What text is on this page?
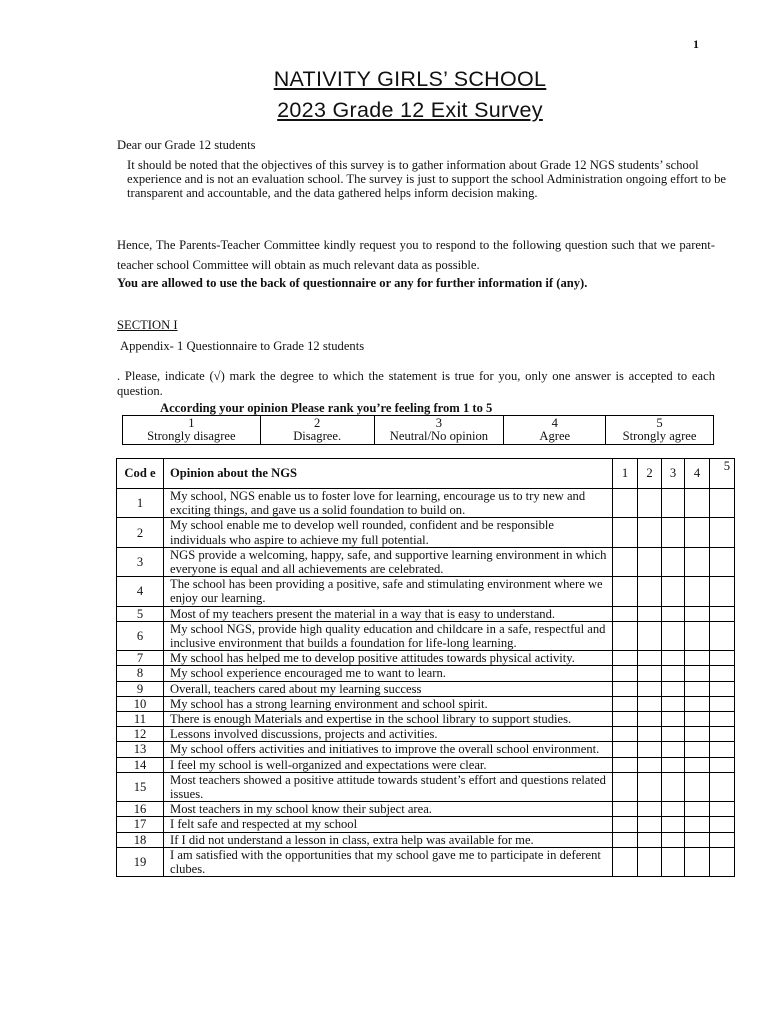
1
NATIVITY GIRLS’ SCHOOL
2023 Grade 12 Exit Survey
Dear our Grade 12 students
It should be noted that the objectives of this survey is to gather information about Grade 12 NGS students’ school experience and is not an evaluation school. The survey is just to support the school Administration ongoing effort to be transparent and accountable, and the data gathered helps inform decision making.
Hence, The Parents-Teacher Committee kindly request you to respond to the following question such that we parent- teacher school Committee will obtain as much relevant data as possible.
You are allowed to use the back of questionnaire or any for further information if (any).
SECTION I
Appendix- 1 Questionnaire to Grade 12 students
. Please, indicate (√) mark the degree to which the statement is true for you, only one answer is accepted to each question.
According your opinion Please rank you’re feeling from 1 to 5
1
Strongly disagree

2
Disagree.

3
Neutral/No opinion

4
Agree

5
Strongly agree
Cod e	Opinion about the NGS	1	2	3	4	5
1	My school, NGS enable us to foster love for learning, encourage us to try new and exciting things, and gave us a solid foundation to build on.					
2	My school enable me to develop well rounded, confident and be responsible individuals who aspire to achieve my full potential.					
3	NGS provide a welcoming, happy, safe, and supportive learning environment in which everyone is equal and all achievements are celebrated.					
4	The school has been providing a positive, safe and stimulating environment where we enjoy our learning.					
5	Most of my teachers present the material in a way that is easy to understand.					
6	My school NGS, provide high quality education and childcare in a safe, respectful and inclusive environment that builds a foundation for life-long learning.					
7	My school has helped me to develop positive attitudes towards physical activity.					
8	My school experience encouraged me to want to learn.					
9	Overall, teachers cared about my learning success					
10	My school has a strong learning environment and school spirit.					
11	There is enough Materials and expertise in the school library to support studies.					
12	Lessons involved discussions, projects and activities.					
13	My school offers activities and initiatives to improve the overall school environment.					
14	I feel my school is well-organized and expectations were clear.					
15	Most teachers showed a positive attitude towards student’s effort and questions related issues.					
16	Most teachers in my school know their subject area.					
17	I felt safe and respected at my school					
18	If I did not understand a lesson in class, extra help was available for me.					
19	I am satisfied with the opportunities that my school gave me to participate in deferent clubes.					
